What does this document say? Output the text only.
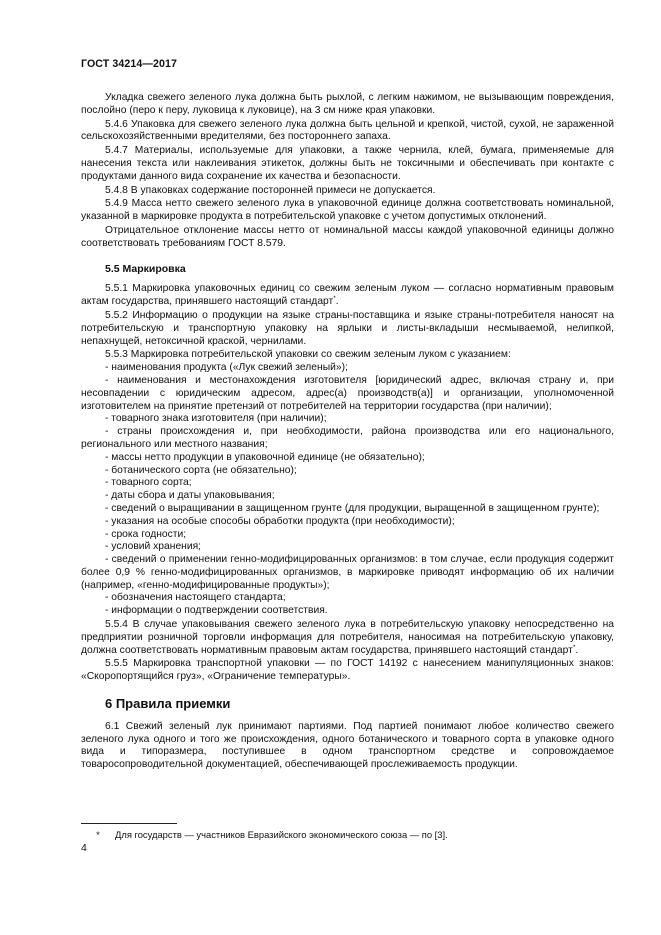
ГОСТ 34214—2017

Укладка свежего зеленого лука должна быть рыхлой, с легким нажимом, не вызывающим повреждения, послойно (перо к перу, луковица к луковице), на 3 см ниже края упаковки.

5.4.6 Упаковка для свежего зеленого лука должна быть цельной и крепкой, чистой, сухой, не зараженной сельскохозяйственными вредителями, без постороннего запаха.

5.4.7 Материалы, используемые для упаковки, а также чернила, клей, бумага, применяемые для нанесения текста или наклеивания этикеток, должны быть не токсичными и обеспечивать при контакте с продуктами данного вида сохранение их качества и безопасности.

5.4.8 В упаковках содержание посторонней примеси не допускается.

5.4.9 Масса нетто свежего зеленого лука в упаковочной единице должна соответствовать номинальной, указанной в маркировке продукта в потребительской упаковке с учетом допустимых отклонений.

Отрицательное отклонение массы нетто от номинальной массы каждой упаковочной единицы должно соответствовать требованиям ГОСТ 8.579.

5.5 Маркировка

5.5.1 Маркировка упаковочных единиц со свежим зеленым луком — согласно нормативным правовым актам государства, принявшего настоящий стандарт*.

5.5.2 Информацию о продукции на языке страны-поставщика и языке страны-потребителя наносят на потребительскую и транспортную упаковку на ярлыки и листы-вкладыши несмываемой, нелипкой, непахнущей, нетоксичной краской, чернилами.

5.5.3 Маркировка потребительской упаковки со свежим зеленым луком с указанием:

- наименования продукта («Лук свежий зеленый»);

- наименования и местонахождения изготовителя [юридический адрес, включая страну и, при несовпадении с юридическим адресом, адрес(а) производств(а)] и организации, уполномоченной изготовителем на принятие претензий от потребителей на территории государства (при наличии);

- товарного знака изготовителя (при наличии);

- страны происхождения и, при необходимости, района производства или его национального, регионального или местного названия;

- массы нетто продукции в упаковочной единице (не обязательно);

- ботанического сорта (не обязательно);

- товарного сорта;

- даты сбора и даты упаковывания;

- сведений о выращивании в защищенном грунте (для продукции, выращенной в защищенном грунте);

- указания на особые способы обработки продукта (при необходимости);

- срока годности;

- условий хранения;

- сведений о применении генно-модифицированных организмов: в том случае, если продукция содержит более 0,9 % генно-модифицированных организмов, в маркировке приводят информацию об их наличии (например, «генно-модифицированные продукты»);

- обозначения настоящего стандарта;

- информации о подтверждении соответствия.

5.5.4 В случае упаковывания свежего зеленого лука в потребительскую упаковку непосредственно на предприятии розничной торговли информация для потребителя, наносимая на потребительскую упаковку, должна соответствовать нормативным правовым актам государства, принявшего настоящий стандарт*.

5.5.5 Маркировка транспортной упаковки — по ГОСТ 14192 с нанесением манипуляционных знаков: «Скоропортящийся груз», «Ограничение температуры».

6 Правила приемки

6.1 Свежий зеленый лук принимают партиями. Под партией понимают любое количество свежего зеленого лука одного и того же происхождения, одного ботанического и товарного сорта в упаковке одного вида и типоразмера, поступившее в одном транспортном средстве и сопровождаемое товаросопроводительной документацией, обеспечивающей прослеживаемость продукции.

* Для государств — участников Евразийского экономического союза — по [3].
4
